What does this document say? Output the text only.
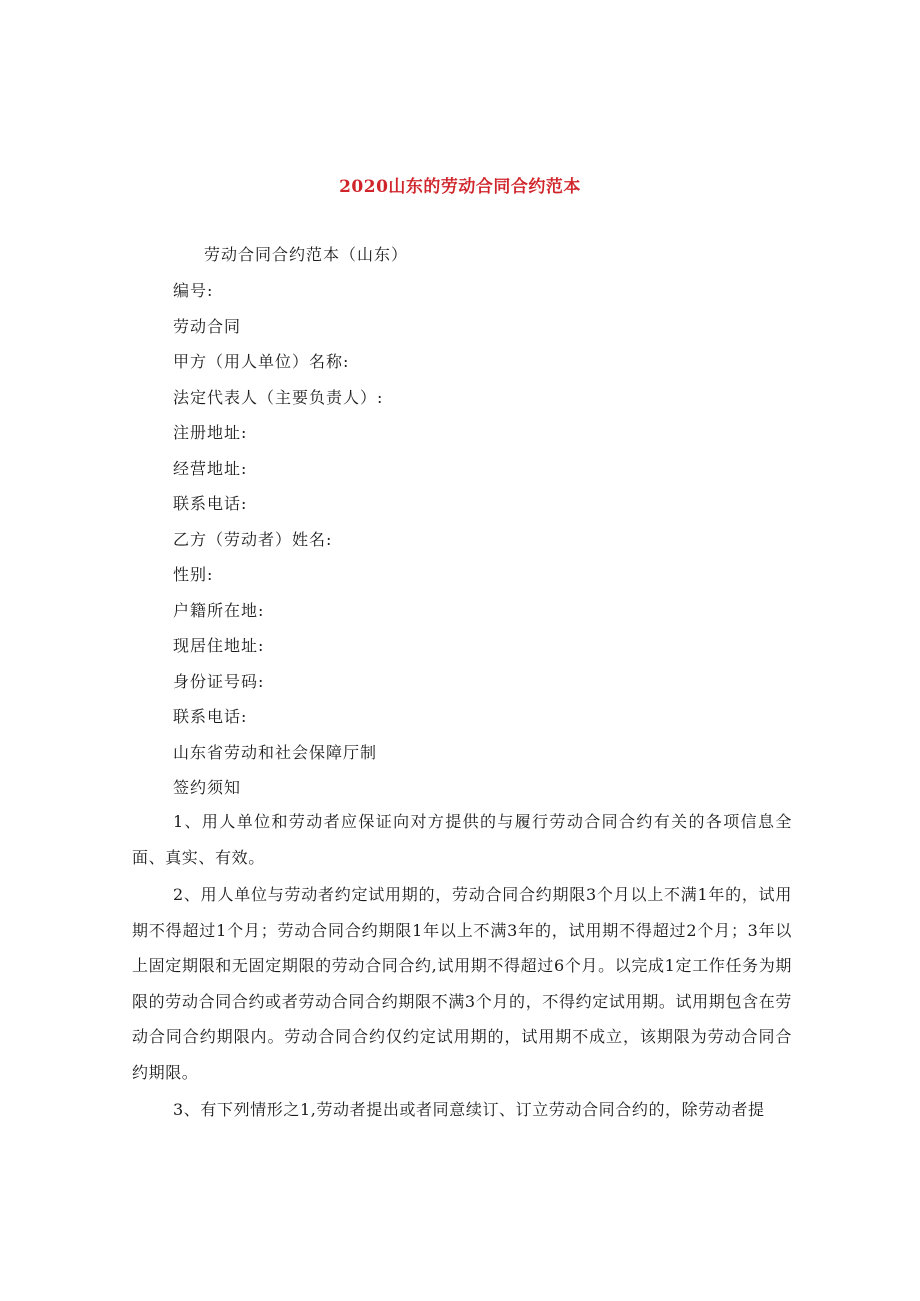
2020山东的劳动合同合约范本
劳动合同合约范本（山东）
编号:
劳动合同
甲方（用人单位）名称:
法定代表人（主要负责人）:
注册地址:
经营地址:
联系电话:
乙方（劳动者）姓名:
性别:
户籍所在地:
现居住地址:
身份证号码:
联系电话:
山东省劳动和社会保障厅制
签约须知

1、用人单位和劳动者应保证向对方提供的与履行劳动合同合约有关的各项信息全面、真实、有效。

2、用人单位与劳动者约定试用期的，劳动合同合约期限3个月以上不满1年的，试用期不得超过1个月；劳动合同合约期限1年以上不满3年的，试用期不得超过2个月；3年以上固定期限和无固定期限的劳动合同合约,试用期不得超过6个月。以完成1定工作任务为期限的劳动合同合约或者劳动合同合约期限不满3个月的，不得约定试用期。试用期包含在劳动合同合约期限内。劳动合同合约仅约定试用期的，试用期不成立，该期限为劳动合同合约期限。

3、有下列情形之1,劳动者提出或者同意续订、订立劳动合同合约的，除劳动者提
